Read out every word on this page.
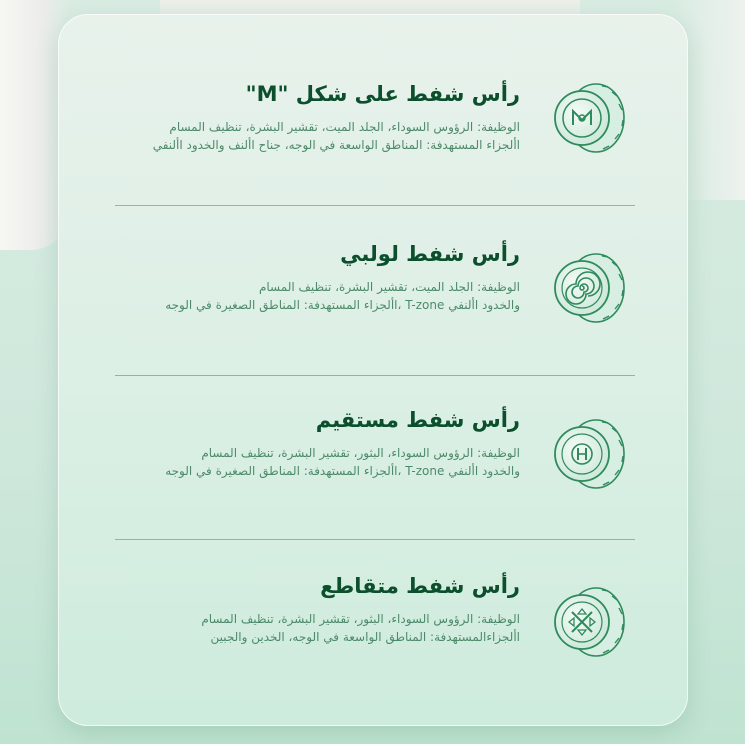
رأس شفط على شكل "M"
الوظيفة: الرؤوس السوداء، الجلد الميت، تقشير البشرة، تنظيف المسام
األجزاء المستهدفة: المناطق الواسعة في الوجه، جناح األنف والخدود األنفي
رأس شفط لولبي
الوظيفة: الجلد الميت، تقشير البشرة، تنظيف المسام
والخدود األنفي T-zone ،األجزاء المستهدفة: المناطق الصغيرة في الوجه
رأس شفط مستقيم
الوظيفة: الرؤوس السوداء، البثور، تقشير البشرة، تنظيف المسام
والخدود األنفي T-zone ،األجزاء المستهدفة: المناطق الصغيرة في الوجه
رأس شفط متقاطع
الوظيفة: الرؤوس السوداء، البثور، تقشير البشرة، تنظيف المسام
األجزاءالمستهدفة: المناطق الواسعة في الوجه، الخدين والجبين
